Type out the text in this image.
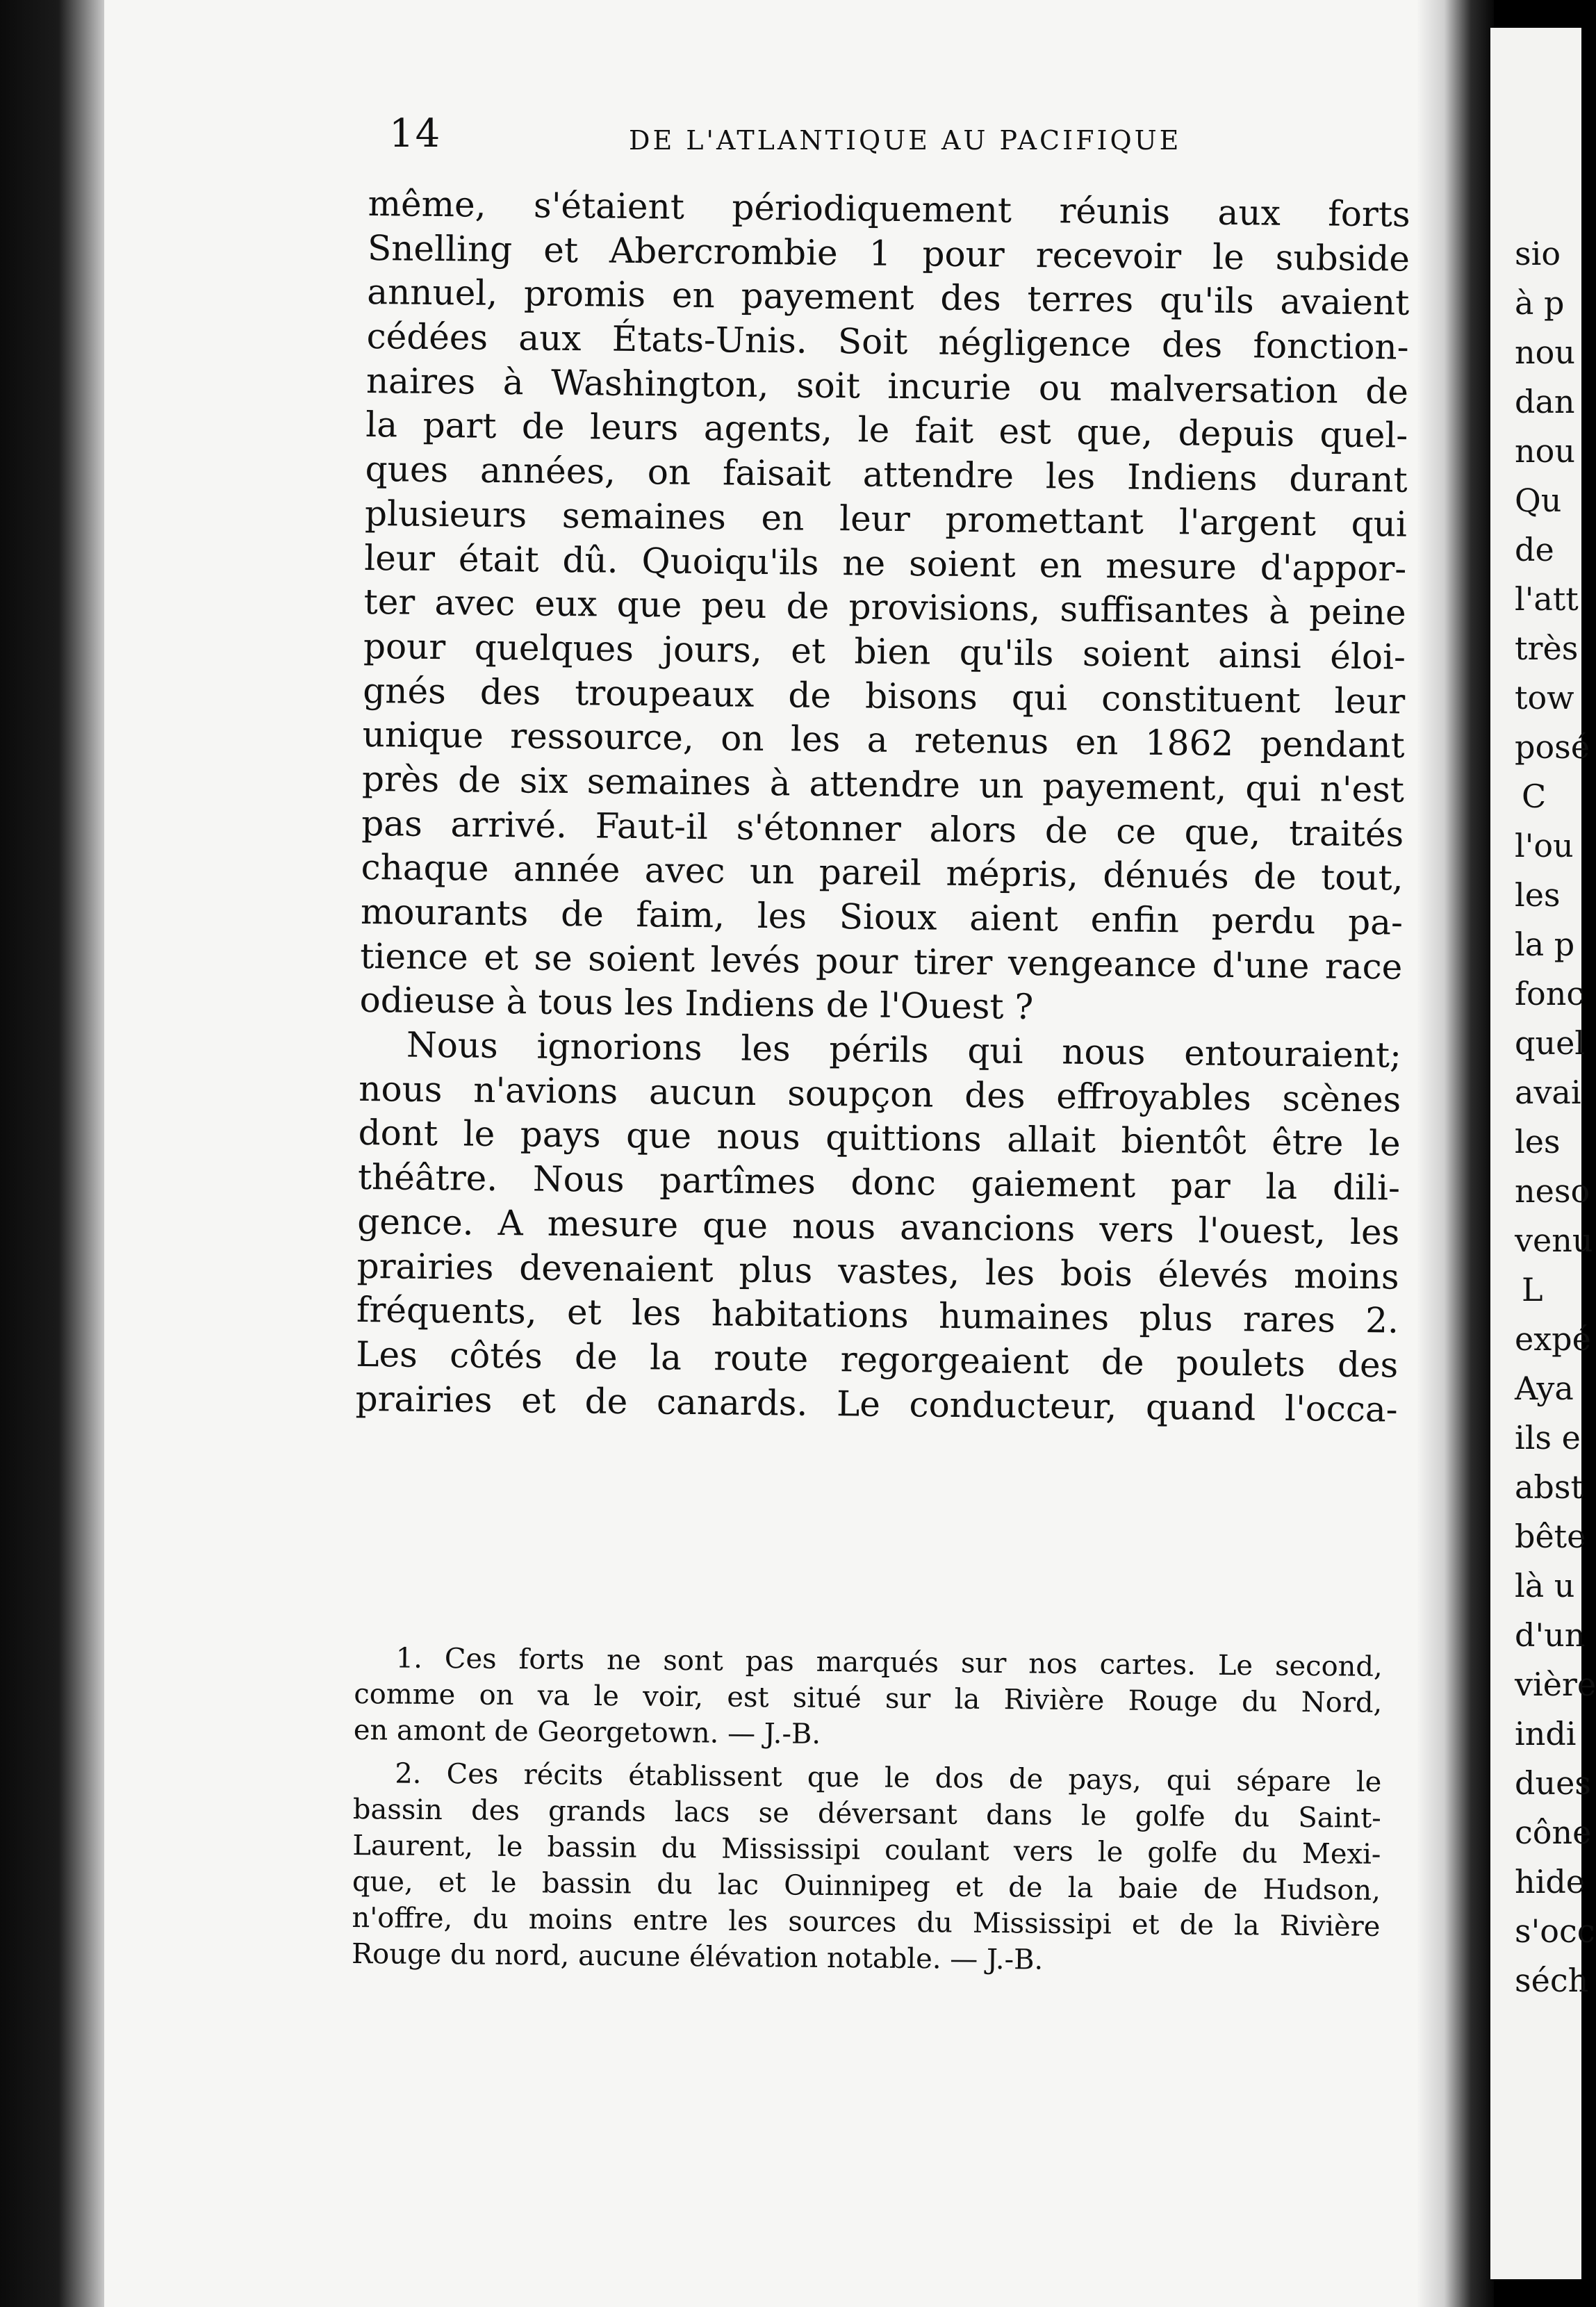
14	DE L'ATLANTIQUE AU PACIFIQUE
même, s'étaient périodiquement réunis aux forts
Snelling et Abercrombie 1 pour recevoir le subside
annuel, promis en payement des terres qu'ils avaient
cédées aux États-Unis. Soit négligence des fonction-
naires à Washington, soit incurie ou malversation de
la part de leurs agents, le fait est que, depuis quel-
ques années, on faisait attendre les Indiens durant
plusieurs semaines en leur promettant l'argent qui
leur était dû. Quoiqu'ils ne soient en mesure d'appor-
ter avec eux que peu de provisions, suffisantes à peine
pour quelques jours, et bien qu'ils soient ainsi éloi-
gnés des troupeaux de bisons qui constituent leur
unique ressource, on les a retenus en 1862 pendant
près de six semaines à attendre un payement, qui n'est
pas arrivé. Faut-il s'étonner alors de ce que, traités
chaque année avec un pareil mépris, dénués de tout,
mourants de faim, les Sioux aient enfin perdu pa-
tience et se soient levés pour tirer vengeance d'une race
odieuse à tous les Indiens de l'Ouest ?
Nous ignorions les périls qui nous entouraient;
nous n'avions aucun soupçon des effroyables scènes
dont le pays que nous quittions allait bientôt être le
théâtre. Nous partîmes donc gaiement par la dili-
gence. A mesure que nous avancions vers l'ouest, les
prairies devenaient plus vastes, les bois élevés moins
fréquents, et les habitations humaines plus rares 2.
Les côtés de la route regorgeaient de poulets des
prairies et de canards. Le conducteur, quand l'occa-
1. Ces forts ne sont pas marqués sur nos cartes. Le second,
comme on va le voir, est situé sur la Rivière Rouge du Nord,
en amont de Georgetown. — J.-B.
2. Ces récits établissent que le dos de pays, qui sépare le
bassin des grands lacs se déversant dans le golfe du Saint-
Laurent, le bassin du Mississipi coulant vers le golfe du Mexi-
que, et le bassin du lac Ouinnipeg et de la baie de Hudson,
n'offre, du moins entre les sources du Mississipi et de la Rivière
Rouge du nord, aucune élévation notable. — J.-B.
sio
à p
nou
dan
nou
Qu
de
l'att
très
tow
posé
C
l'ou
les
la p
fonc
quel
avai
les
neso
venu
L
expé
Aya
ils e
abst
bête
là u
d'un
vière
indi
dues
cône
hide
s'occ
séch
